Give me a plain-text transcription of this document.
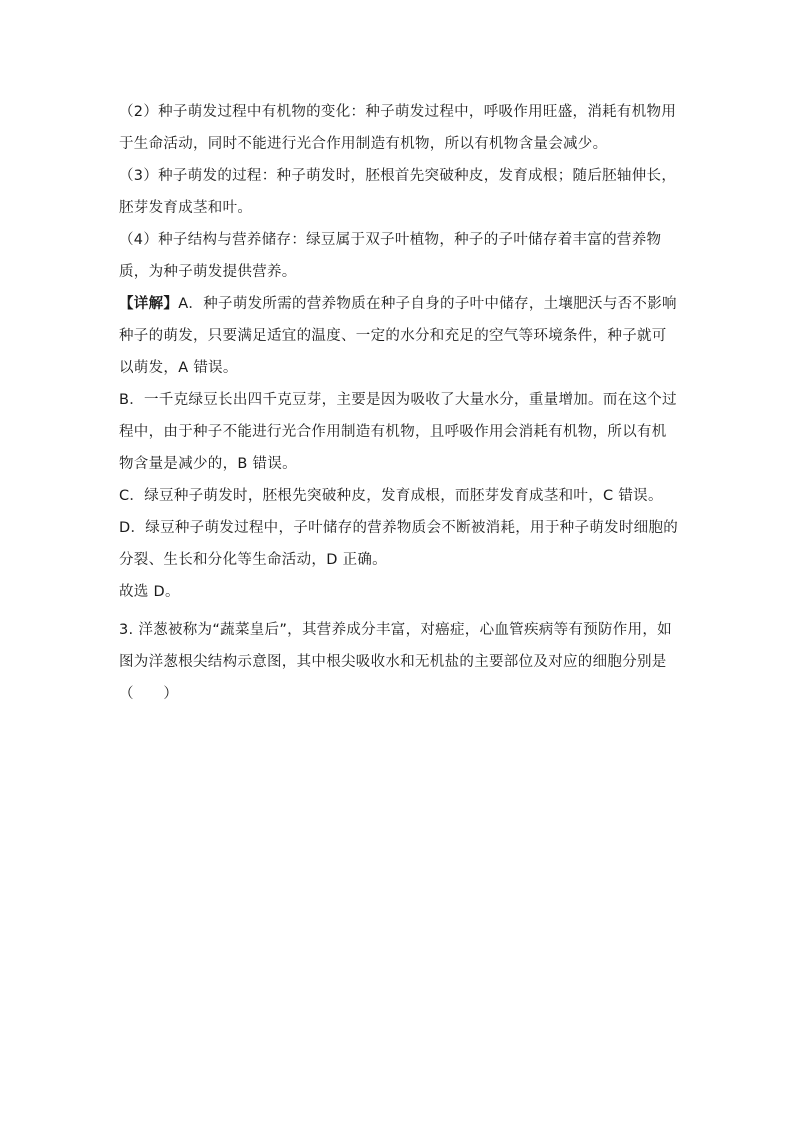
（2）种子萌发过程中有机物的变化：种子萌发过程中，呼吸作用旺盛，消耗有机物用于生命活动，同时不能进行光合作用制造有机物，所以有机物含量会减少。

（3）种子萌发的过程：种子萌发时，胚根首先突破种皮，发育成根；随后胚轴伸长，胚芽发育成茎和叶。

（4）种子结构与营养储存：绿豆属于双子叶植物，种子的子叶储存着丰富的营养物质，为种子萌发提供营养。

【详解】A．种子萌发所需的营养物质在种子自身的子叶中储存，土壤肥沃与否不影响种子的萌发，只要满足适宜的温度、一定的水分和充足的空气等环境条件，种子就可以萌发，A 错误。

B．一千克绿豆长出四千克豆芽，主要是因为吸收了大量水分，重量增加。而在这个过程中，由于种子不能进行光合作用制造有机物，且呼吸作用会消耗有机物，所以有机物含量是减少的，B 错误。

C．绿豆种子萌发时，胚根先突破种皮，发育成根，而胚芽发育成茎和叶，C 错误。

D．绿豆种子萌发过程中，子叶储存的营养物质会不断被消耗，用于种子萌发时细胞的分裂、生长和分化等生命活动，D 正确。

故选 D。

3. 洋葱被称为“蔬菜皇后”，其营养成分丰富，对癌症，心血管疾病等有预防作用，如图为洋葱根尖结构示意图，其中根尖吸收水和无机盐的主要部位及对应的细胞分别是（　　）
